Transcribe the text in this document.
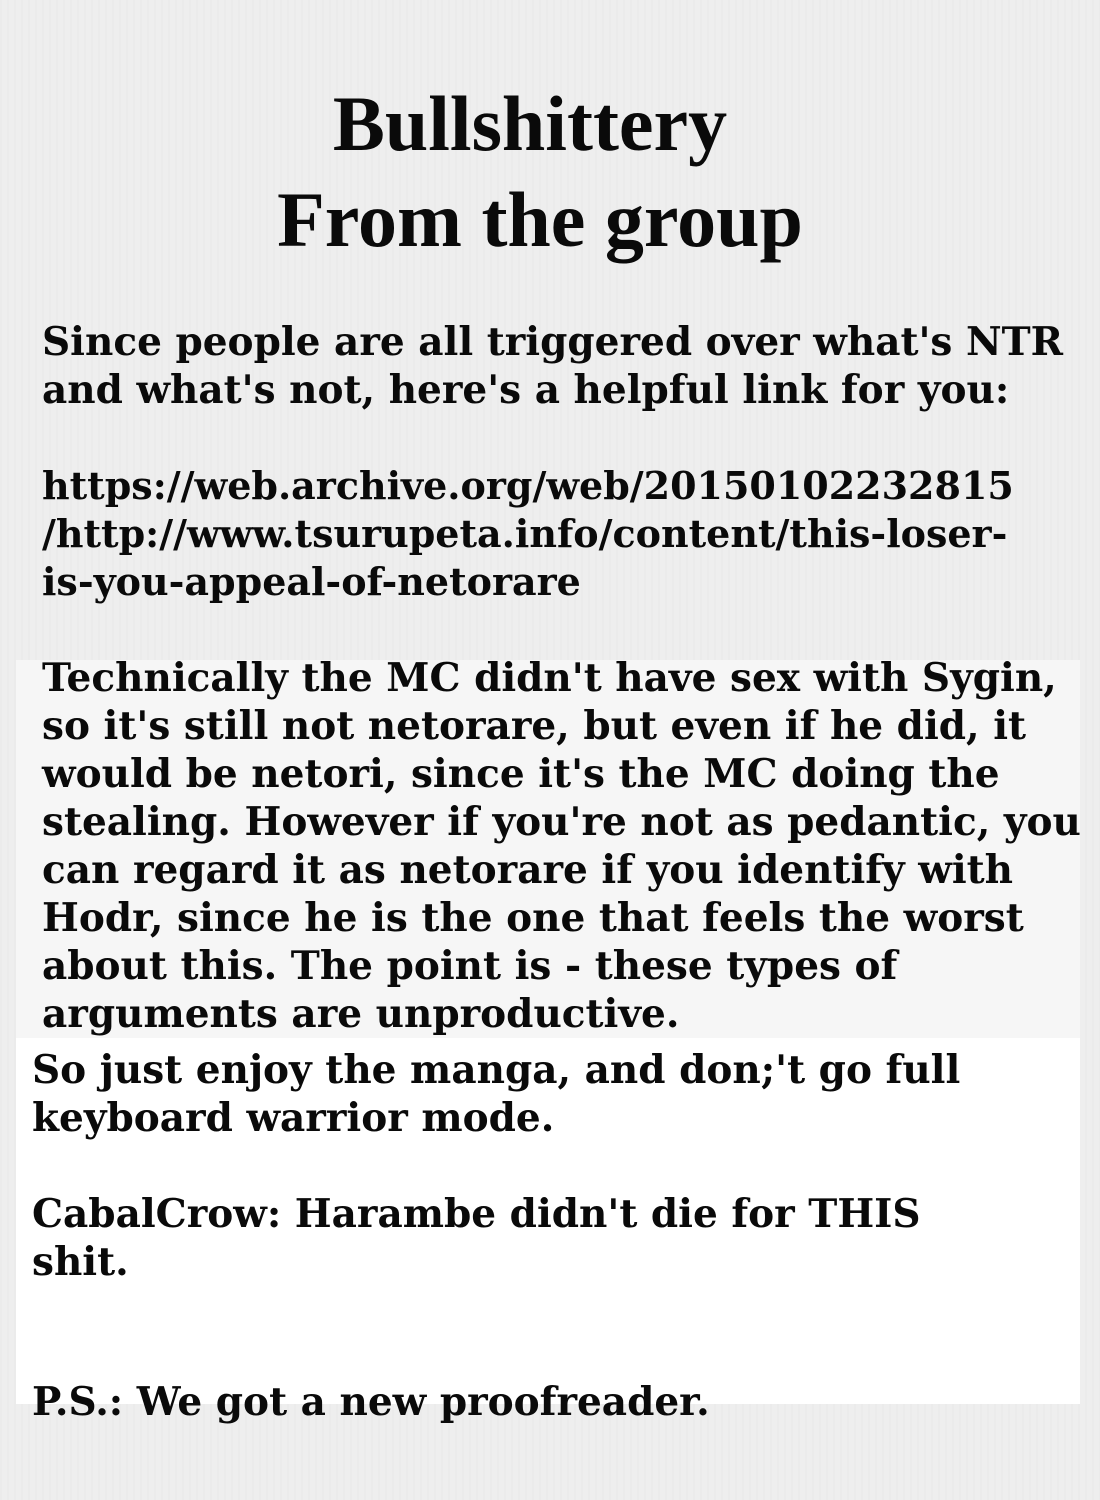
Bullshittery
From the group
Since people are all triggered over what's NTR
and what's not, here's a helpful link for you:
https://web.archive.org/web/20150102232815
/http://www.tsurupeta.info/content/this-loser-
is-you-appeal-of-netorare
Technically the MC didn't have sex with Sygin,
so it's still not netorare, but even if he did, it
would be netori, since it's the MC doing the
stealing. However if you're not as pedantic, you
can regard it as netorare if you identify with
Hodr, since he is the one that feels the worst
about this. The point is - these types of
arguments are unproductive.
So just enjoy the manga, and don;'t go full
keyboard warrior mode.
CabalCrow: Harambe didn't die for THIS
shit.
P.S.: We got a new proofreader.
